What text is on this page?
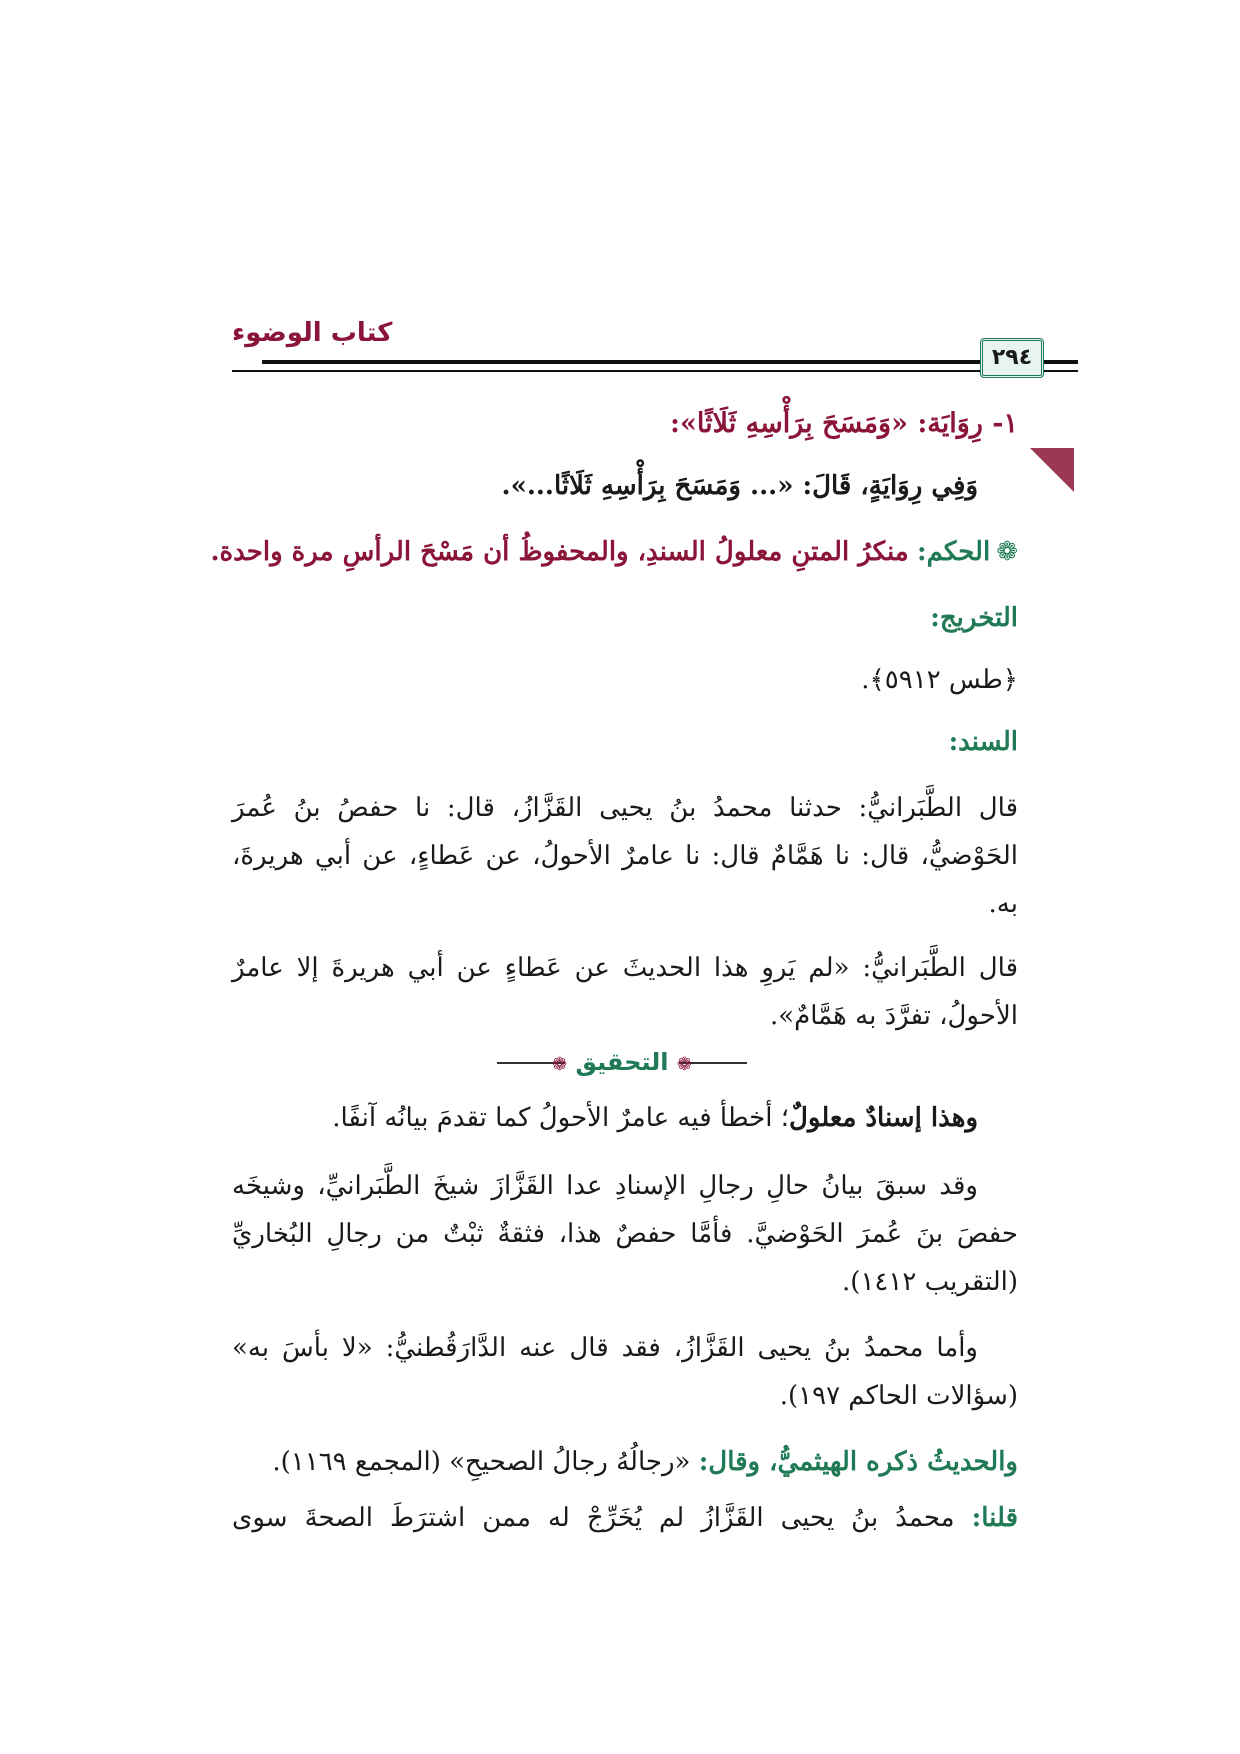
كتاب الوضوء
٢٩٤
١- رِوَايَة: «وَمَسَحَ بِرَأْسِهِ ثَلَاثًا»:
وَفِي رِوَايَةٍ، قَالَ: «... وَمَسَحَ بِرَأْسِهِ ثَلَاثًا...».
❁الحكم: منكرُ المتنِ معلولُ السندِ، والمحفوظُ أن مَسْحَ الرأسِ مرة واحدة.
التخريج:
﴿طس ٥٩١٢﴾.
السند:
قال الطَّبَرانيُّ: حدثنا محمدُ بنُ يحيى القَزَّازُ، قال: نا حفصُ بنُ عُمرَ
الحَوْضيُّ، قال: نا هَمَّامٌ قال: نا عامرٌ الأحولُ، عن عَطاءٍ، عن أبي هريرةَ،
به.
قال الطَّبَرانيُّ: «لم يَروِ هذا الحديثَ عن عَطاءٍ عن أبي هريرةَ إلا عامرٌ
الأحولُ، تفرَّدَ به هَمَّامٌ».
❁ التحقيق ❁
وهذا إسنادٌ معلولٌ؛ أخطأ فيه عامرٌ الأحولُ كما تقدمَ بيانُه آنفًا.
وقد سبقَ بيانُ حالِ رجالِ الإسنادِ عدا القَزَّازَ شيخَ الطَّبَرانيِّ، وشيخَه
حفصَ بنَ عُمرَ الحَوْضيَّ. فأمَّا حفصٌ هذا، فثقةٌ ثبْتٌ من رجالِ البُخاريِّ
(التقريب ١٤١٢).
وأما محمدُ بنُ يحيى القَزَّازُ، فقد قال عنه الدَّارَقُطنيُّ: «لا بأسَ به»
(سؤالات الحاكم ١٩٧).
والحديثُ ذكره الهيثميُّ، وقال: «رجالُهُ رجالُ الصحيحِ» (المجمع ١١٦٩).
قلنا: محمدُ بنُ يحيى القَزَّازُ لم يُخَرِّجْ له ممن اشترَطَ الصحةَ سوى
